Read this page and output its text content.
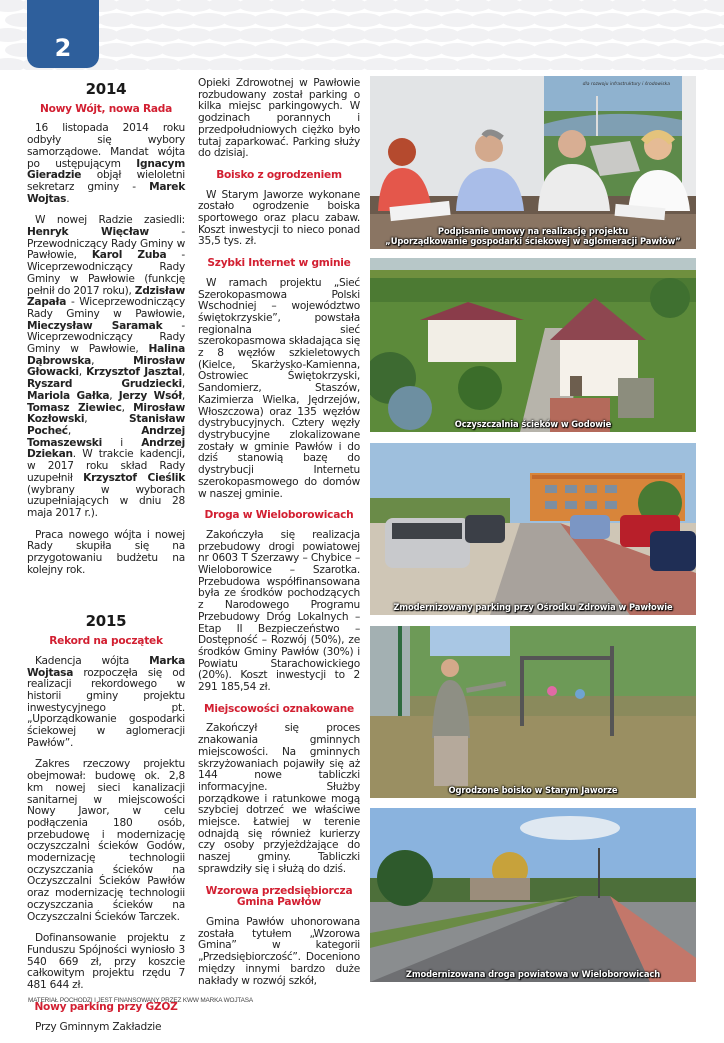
2
2014
Nowy Wójt, nowa Rada

16 listopada 2014 roku odbyły się wybory samorządowe. Mandat wójta po ustępującym Ignacym Gieradzie objął wieloletni sekretarz gminy - Marek Wojtas.

W nowej Radzie zasiedli: Henryk Więcław - Przewodniczący Rady Gminy w Pawłowie, Karol Zuba - Wiceprzewodniczący Rady Gminy w Pawłowie (funkcję pełnił do 2017 roku), Zdzisław Zapała - Wiceprzewodniczący Rady Gminy w Pawłowie, Mieczysław Saramak - Wiceprzewodniczący Rady Gminy w Pawłowie, Halina Dąbrowska, Mirosław Głowacki, Krzysztof Jasztal, Ryszard Grudziecki, Mariola Gałka, Jerzy Wsół, Tomasz Ziewiec, Mirosław Kozłowski, Stanisław Pocheć, Andrzej Tomaszewski i Andrzej Dziekan. W trakcie kadencji, w 2017 roku skład Rady uzupełnił Krzysztof Cieślik (wybrany w wyborach uzupełniających w dniu 28 maja 2017 r.).

Praca nowego wójta i nowej Rady skupiła się na przygotowaniu budżetu na kolejny rok.

2015
Rekord na początek

Kadencja wójta Marka Wojtasa rozpoczęła się od realizacji rekordowego w historii gminy projektu inwestycyjnego pt. „Uporządkowanie gospodarki ściekowej w aglomeracji Pawłów”.

Zakres rzeczowy projektu obejmował: budowę ok. 2,8 km nowej sieci kanalizacji sanitarnej w miejscowości Nowy Jawor, w celu podłączenia 180 osób, przebudowę i modernizację oczyszczalni ścieków Godów, modernizację technologii oczyszczania ścieków na Oczyszczalni Ścieków Pawłów oraz modernizację technologii oczyszczania ścieków na Oczyszczalni Ścieków Tarczek.

Dofinansowanie projektu z Funduszu Spójności wyniosło 3 540 669 zł, przy koszcie całkowitym projektu rzędu 7 481 644 zł.

Nowy parking przy GZOZ

Przy Gminnym Zakładzie

Opieki Zdrowotnej w Pawłowie rozbudowany został parking o kilka miejsc parkingowych. W godzinach porannych i przedpołudniowych ciężko było tutaj zaparkować. Parking służy do dzisiaj.

Boisko z ogrodzeniem

W Starym Jaworze wykonane zostało ogrodzenie boiska sportowego oraz placu zabaw. Koszt inwestycji to nieco ponad 35,5 tys. zł.

Szybki Internet w gminie

W ramach projektu „Sieć Szerokopasmowa Polski Wschodniej – województwo świętokrzyskie”, powstała regionalna sieć szerokopasmowa składająca się z 8 węzłów szkieletowych (Kielce, Skarżysko-Kamienna, Ostrowiec Świętokrzyski, Sandomierz, Staszów, Kazimierza Wielka, Jędrzejów, Włoszczowa) oraz 135 węzłów dystrybucyjnych. Cztery węzły dystrybucyjne zlokalizowane zostały w gminie Pawłów i do dziś stanowią bazę do dystrybucji Internetu szerokopasmowego do domów w naszej gminie.

Droga w Wieloborowicach

Zakończyła się realizacja przebudowy drogi powiatowej nr 0603 T Szerzawy – Chybice – Wieloborowice – Szarotka. Przebudowa współfinansowana była ze środków pochodzących z Narodowego Programu Przebudowy Dróg Lokalnych – Etap II Bezpieczeństwo – Dostępność – Rozwój (50%), ze środków Gminy Pawłów (30%) i Powiatu Starachowickiego (20%). Koszt inwestycji to 2 291 185,54 zł.

Miejscowości oznakowane

Zakończył się proces znakowania gminnych miejscowości. Na gminnych skrzyżowaniach pojawiły się aż 144 nowe tabliczki informacyjne. Służby porządkowe i ratunkowe mogą szybciej dotrzeć we właściwe miejsce. Łatwiej w terenie odnajdą się również kurierzy czy osoby przyjeżdżające do naszej gminy. Tabliczki sprawdziły się i służą do dziś.

Wzorowa przedsiębiorcza Gmina Pawłów

Gmina Pawłów uhonorowana została tytułem „Wzorowa Gmina” w kategorii „Przedsiębiorczość”. Doceniono między innymi bardzo duże nakłady w rozwój szkół,

dla rozwoju infrastruktury i środowiska
Podpisanie umowy na realizację projektu
„Uporządkowanie gospodarki ściekowej w aglomeracji Pawłów”
Oczyszczalnia ścieków w Godowie
Zmodernizowany parking przy Ośrodku Zdrowia w Pawłowie
Ogrodzone boisko w Starym Jaworze
Zmodernizowana droga powiatowa w Wieloborowicach
MATERIAŁ POCHODZI I JEST FINANSOWANY PRZEZ KWW MARKA WOJTASA
